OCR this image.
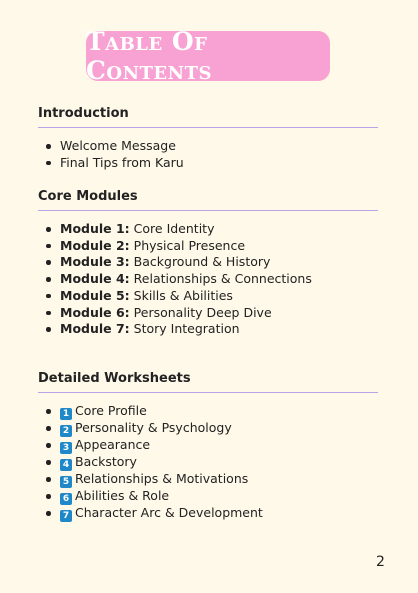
Table Of Contents
Introduction
Welcome Message
Final Tips from Karu
Core Modules
Module 1: Core Identity
Module 2: Physical Presence
Module 3: Background & History
Module 4: Relationships & Connections
Module 5: Skills & Abilities
Module 6: Personality Deep Dive
Module 7: Story Integration
Detailed Worksheets
1 Core Profile
2 Personality & Psychology
3 Appearance
4 Backstory
5 Relationships & Motivations
6 Abilities & Role
7 Character Arc & Development
2
